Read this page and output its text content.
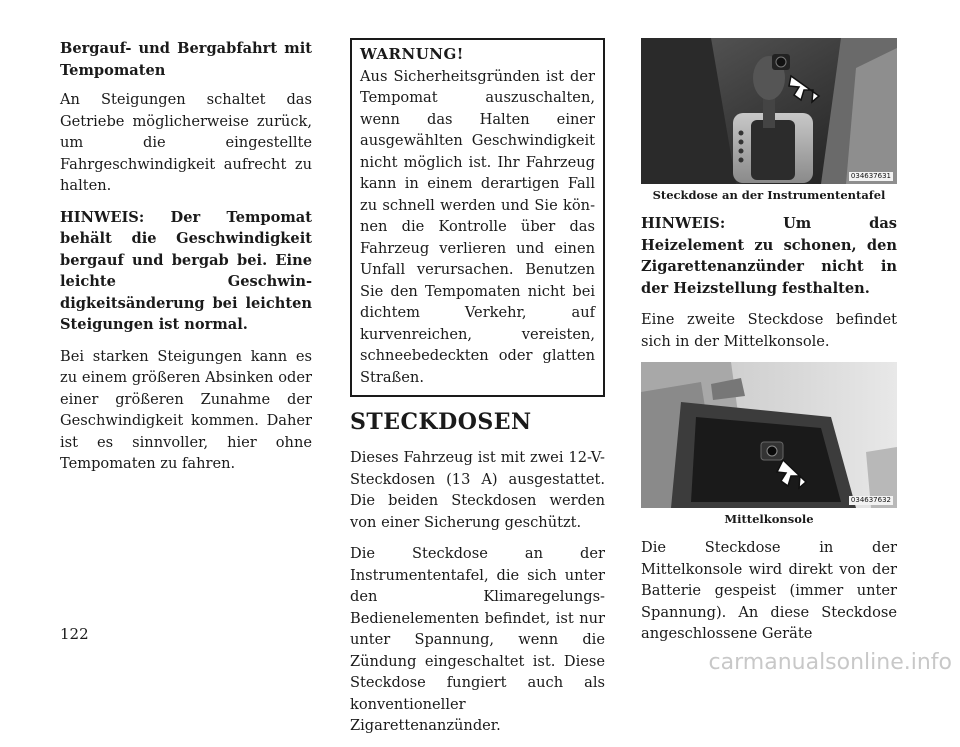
Bergauf- und Bergabfahrt mit Tempomaten

An Steigungen schaltet das Getriebe möglicherweise zurück, um die eingestellte Fahrgeschwindigkeit aufrecht zu halten.

HINWEIS: Der Tempomat behält die Geschwindigkeit bergauf und bergab bei. Eine leichte Geschwindigkeitsänderung bei leichten Steigungen ist normal.

Bei starken Steigungen kann es zu einem größeren Absinken oder einer größeren Zunahme der Geschwindigkeit kommen. Daher ist es sinnvoller, hier ohne Tempomaten zu fahren.

WARNUNG!

Aus Sicherheitsgründen ist der Tempomat auszuschalten, wenn das Halten einer ausgewählten Geschwindigkeit nicht möglich ist. Ihr Fahrzeug kann in einem derartigen Fall zu schnell werden und Sie können die Kontrolle über das Fahrzeug verlieren und einen Unfall verursachen. Benutzen Sie den Tempomaten nicht bei dichtem Verkehr, auf kurvenreichen, vereisten, schneebedeckten oder glatten Straßen.

STECKDOSEN

Dieses Fahrzeug ist mit zwei 12-V-Steckdosen (13 A) ausgestattet. Die beiden Steckdosen werden von einer Sicherung geschützt.

Die Steckdose an der Instrumententafel, die sich unter den Klimaregelungs-Bedienelementen befindet, ist nur unter Spannung, wenn die Zündung eingeschaltet ist. Diese Steckdose fungiert auch als konventioneller Zigarettenanzünder.

034637631
Steckdose an der Instrumententafel

HINWEIS: Um das Heizelement zu schonen, den Zigarettenanzünder nicht in der Heizstellung festhalten.

Eine zweite Steckdose befindet sich in der Mittelkonsole.

034637632
Mittelkonsole

Die Steckdose in der Mittelkonsole wird direkt von der Batterie gespeist (immer unter Spannung). An diese Steckdose angeschlossene Geräte

122
carmanualsonline.info
